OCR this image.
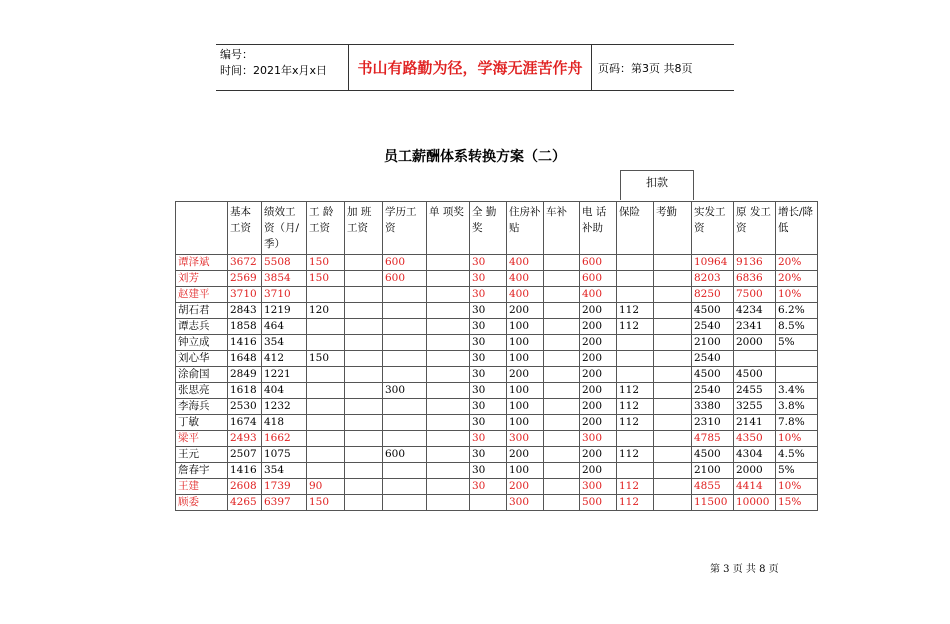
编号：
时间：2021年x月x日	书山有路勤为径，学海无涯苦作舟	页码：第3页 共8页
员工薪酬体系转换方案（二）
扣款
	基本工资	绩效工资（月/季）	工 龄工资	加 班工资	学历工资	单 项奖	全 勤奖	住房补贴	车补	电 话补助	保险	考勤	实发工资	原 发工资	增长/降低
谭泽斌	3672	5508	150		600		30	400		600			10964	9136	20%
刘芳	2569	3854	150		600		30	400		600			8203	6836	20%
赵建平	3710	3710					30	400		400			8250	7500	10%
胡石君	2843	1219	120				30	200		200	112		4500	4234	6.2%
谭志兵	1858	464					30	100		200	112		2540	2341	8.5%
钟立成	1416	354					30	100		200			2100	2000	5%
刘心华	1648	412	150				30	100		200			2540		
涂俞国	2849	1221					30	200		200			4500	4500	
张思亮	1618	404			300		30	100		200	112		2540	2455	3.4%
李海兵	2530	1232					30	100		200	112		3380	3255	3.8%
丁敏	1674	418					30	100		200	112		2310	2141	7.8%
梁平	2493	1662					30	300		300			4785	4350	10%
王元	2507	1075			600		30	200		200	112		4500	4304	4.5%
詹春宇	1416	354					30	100		200			2100	2000	5%
王建	2608	1739	90				30	200		300	112		4855	4414	10%
顾委	4265	6397	150					300		500	112		11500	10000	15%
第 3 页 共 8 页
